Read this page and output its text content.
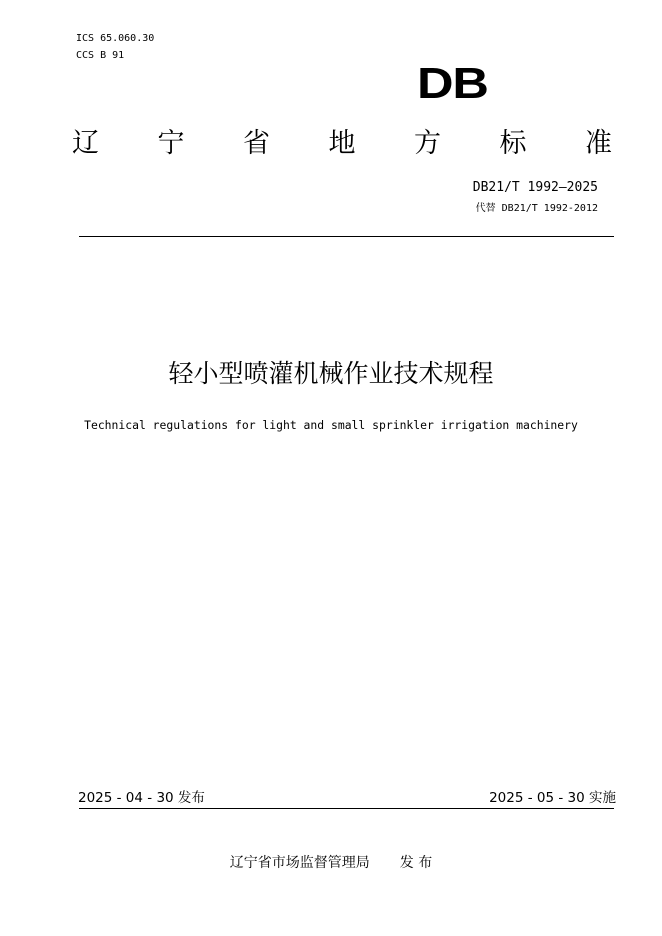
ICS 65.060.30
CCS B 91
DB
辽 宁 省 地 方 标 准
DB21/T 1992—2025
代替 DB21/T 1992-2012
轻小型喷灌机械作业技术规程
Technical regulations for light and small sprinkler irrigation machinery
2025 - 04 - 30 发布	2025 - 05 - 30 实施
辽宁省市场监督管理局 发 布
